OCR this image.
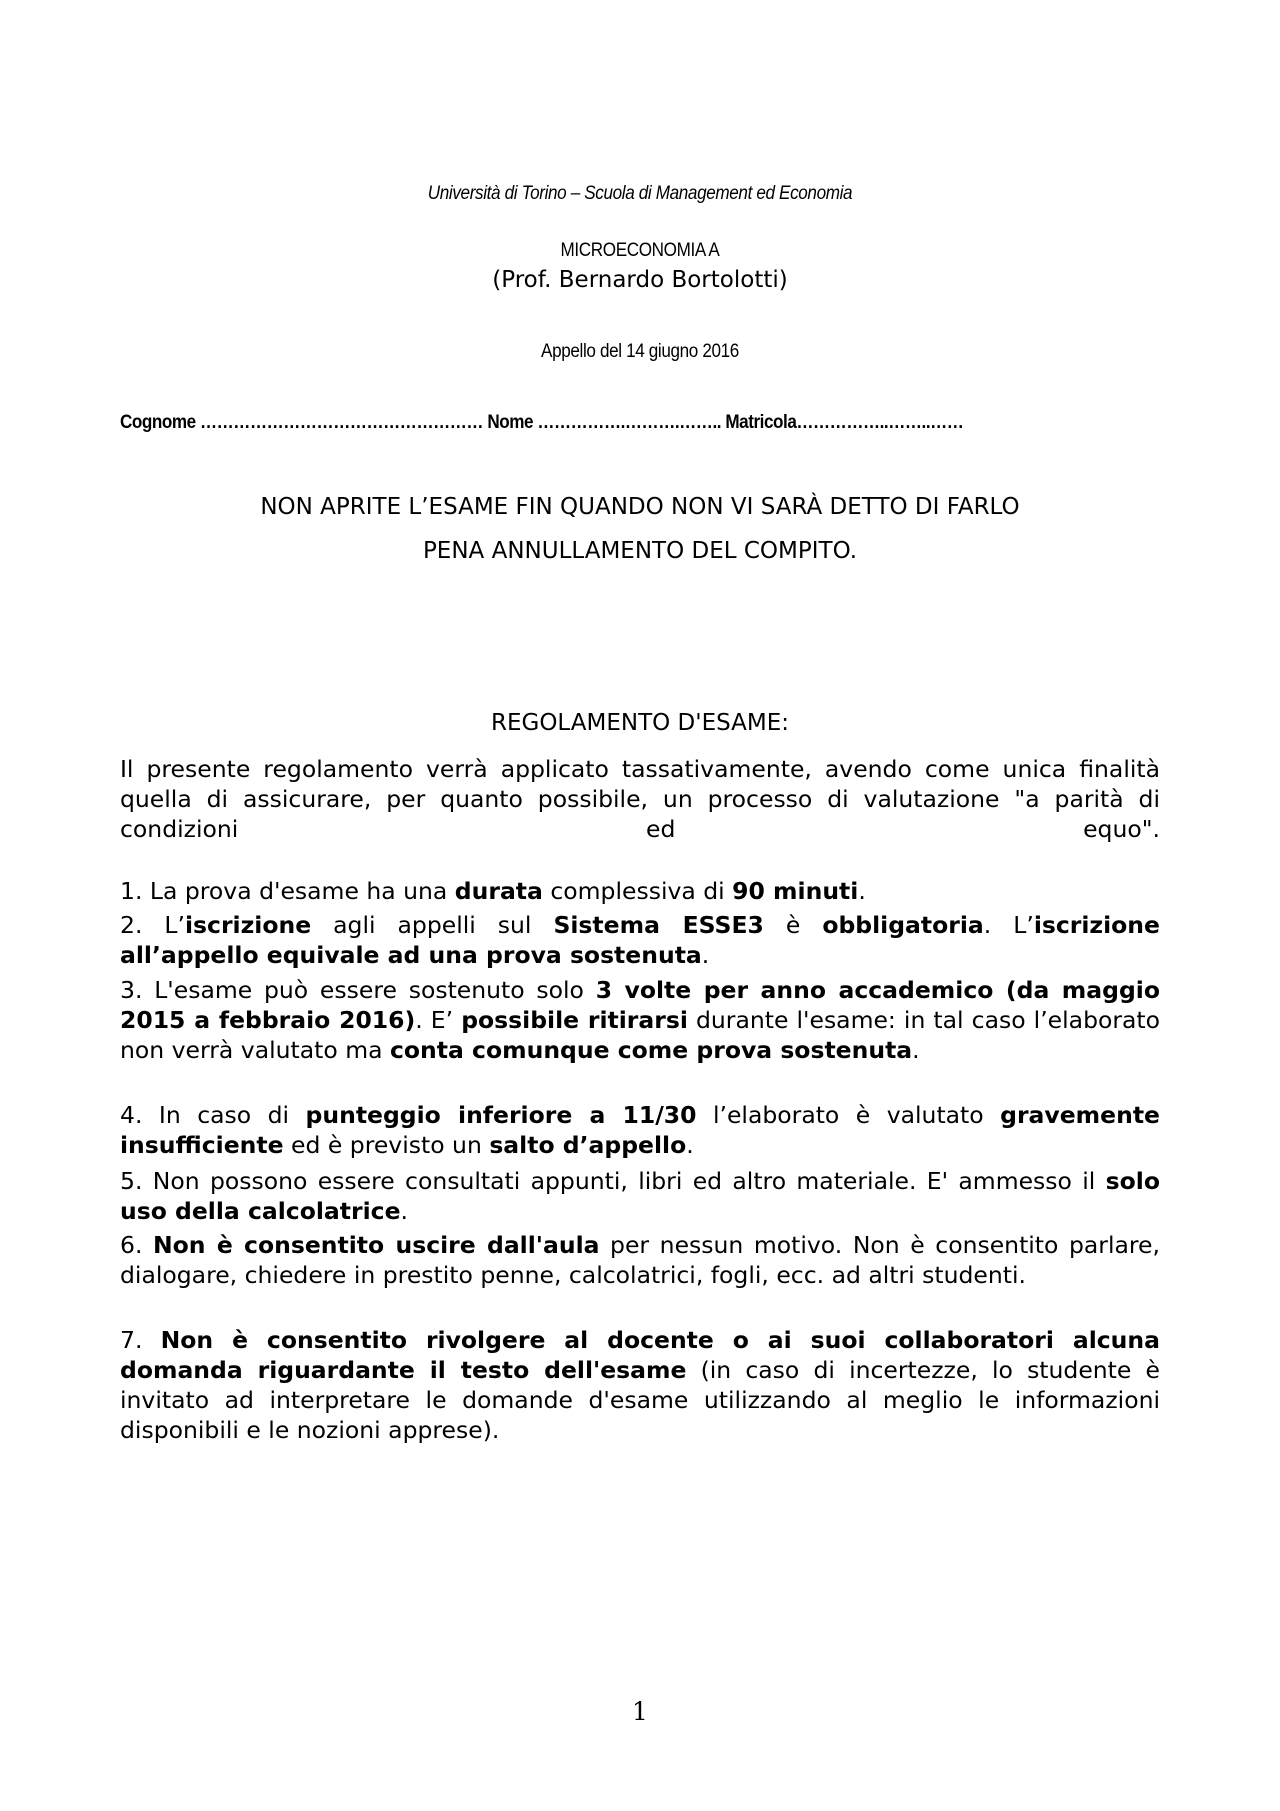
Università di Torino – Scuola di Management ed Economia
MICROECONOMIA A
(Prof. Bernardo Bortolotti)
Appello del 14 giugno 2016
Cognome …………………………………………… Nome …………….……….…….. Matricola……………..……..……
NON APRITE L’ESAME FIN QUANDO NON VI SARÀ DETTO DI FARLO
PENA ANNULLAMENTO DEL COMPITO.
REGOLAMENTO D'ESAME:
Il presente regolamento verrà applicato tassativamente, avendo come unica finalità quella di assicurare, per quanto possibile, un processo di valutazione "a parità di condizioni ed equo".
1. La prova d'esame ha una durata complessiva di 90 minuti.
2. L’iscrizione agli appelli sul Sistema ESSE3 è obbligatoria. L’iscrizione all’appello equivale ad una prova sostenuta.
3. L'esame può essere sostenuto solo 3 volte per anno accademico (da maggio 2015 a febbraio 2016). E’ possibile ritirarsi durante l'esame: in tal caso l’elaborato non verrà valutato ma conta comunque come prova sostenuta.
4. In caso di punteggio inferiore a 11/30 l’elaborato è valutato gravemente insufficiente ed è previsto un salto d’appello.
5. Non possono essere consultati appunti, libri ed altro materiale. E' ammesso il solo uso della calcolatrice.
6. Non è consentito uscire dall'aula per nessun motivo. Non è consentito parlare, dialogare, chiedere in prestito penne, calcolatrici, fogli, ecc. ad altri studenti.
7. Non è consentito rivolgere al docente o ai suoi collaboratori alcuna domanda riguardante il testo dell'esame (in caso di incertezze, lo studente è invitato ad interpretare le domande d'esame utilizzando al meglio le informazioni disponibili e le nozioni apprese).
1
